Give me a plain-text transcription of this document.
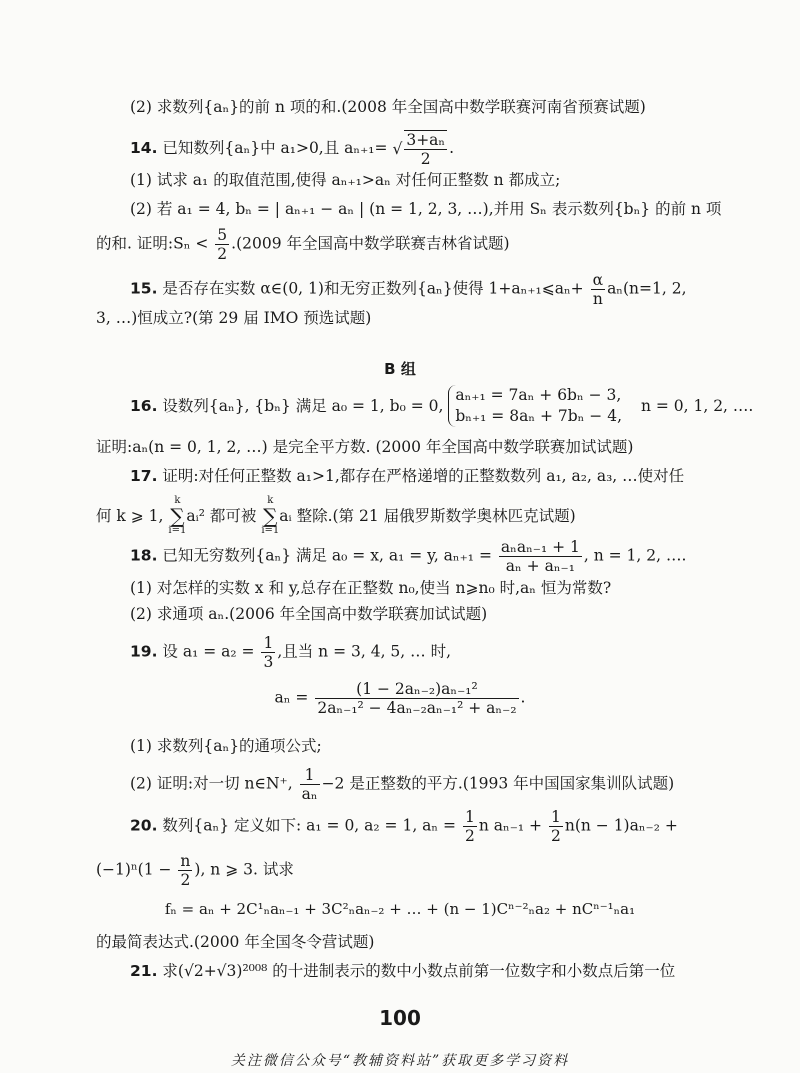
(2) 求数列{aₙ}的前 n 项的和.(2008 年全国高中数学联赛河南省预赛试题)
14. 已知数列{aₙ}中 a₁>0,且 aₙ₊₁= √ $\frac{\text{3+aₙ}}{2}$ .
(1) 试求 a₁ 的取值范围,使得 aₙ₊₁>aₙ 对任何正整数 n 都成立;
(2) 若 a₁ = 4, bₙ = | aₙ₊₁ − aₙ | (n = 1, 2, 3, …),并用 Sₙ 表示数列{bₙ} 的前 n 项
的和. 证明:Sₙ < $\frac{5}{2} .(2009$ 年全国高中数学联赛吉林省试题)
15. 是否存在实数 α∈(0, 1)和无穷正数列{aₙ}使得 1+aₙ₊₁⩽aₙ+ $\frac{\alpha}{n} a_n(n=1$, 2,
3, …)恒成立?(第 29 届 IMO 预选试题)
B 组
16. 设数列{aₙ}, {bₙ} 满足 a₀ = 1, b₀ = 0,
aₙ₊₁ = 7aₙ + 6bₙ − 3,
bₙ₊₁ = 8aₙ + 7bₙ − 4,
n = 0, 1, 2, ….
证明:aₙ(n = 0, 1, 2, …) 是完全平方数. (2000 年全国高中数学联赛加试试题)
17. 证明:对任何正整数 a₁>1,都存在严格递增的正整数数列 a₁, a₂, a₃, …使对任
何 k ⩾ 1,
k
∑
i=1
aᵢ² 都可被
k
∑
i=1
aᵢ 整除.(第 21 届俄罗斯数学奥林匹克试题)
18. 已知无穷数列{aₙ} 满足 a₀ = x, a₁ = y, $a_{n+1} = \frac{\text{aₙaₙ₋₁ + 1}}{\text{aₙ + aₙ₋₁}}$ , n = 1, 2, ….
(1) 对怎样的实数 x 和 y,总存在正整数 n₀,使当 n⩾n₀ 时,aₙ 恒为常数?
(2) 求通项 aₙ.(2006 年全国高中数学联赛加试试题)
19. 设 $a_1 = a_2 = \frac{1}{3}$ ,且当 n = 3, 4, 5, … 时,
$a_n = \frac{\text{(1 − 2aₙ₋₂)aₙ₋₁²}}{\text{2aₙ₋₁² − 4aₙ₋₂aₙ₋₁² + aₙ₋₂}}$ .
(1) 求数列{aₙ}的通项公式;
(2) 证明:对一切 n∈N⁺, $\frac{1}{\text{aₙ}} -2$ 是正整数的平方.(1993 年中国国家集训队试题)
20. 数列{aₙ} 定义如下: a₁ = 0, a₂ = 1, $a_n = \frac{1}{2}$ n $a_{n-1} + \frac{1}{2} n(n - 1)a_{n-2}$ +
$(-1)^n(1 - \frac{n}{2}$ ), n ⩾ 3. 试求
fₙ = aₙ + 2C¹ₙaₙ₋₁ + 3C²ₙaₙ₋₂ + … + (n − 1)Cⁿ⁻²ₙa₂ + nCⁿ⁻¹ₙa₁
的最简表达式.(2000 年全国冬令营试题)
21. 求(√2+√3)²⁰⁰⁸ 的十进制表示的数中小数点前第一位数字和小数点后第一位
100
关注微信公众号“教辅资料站”获取更多学习资料
